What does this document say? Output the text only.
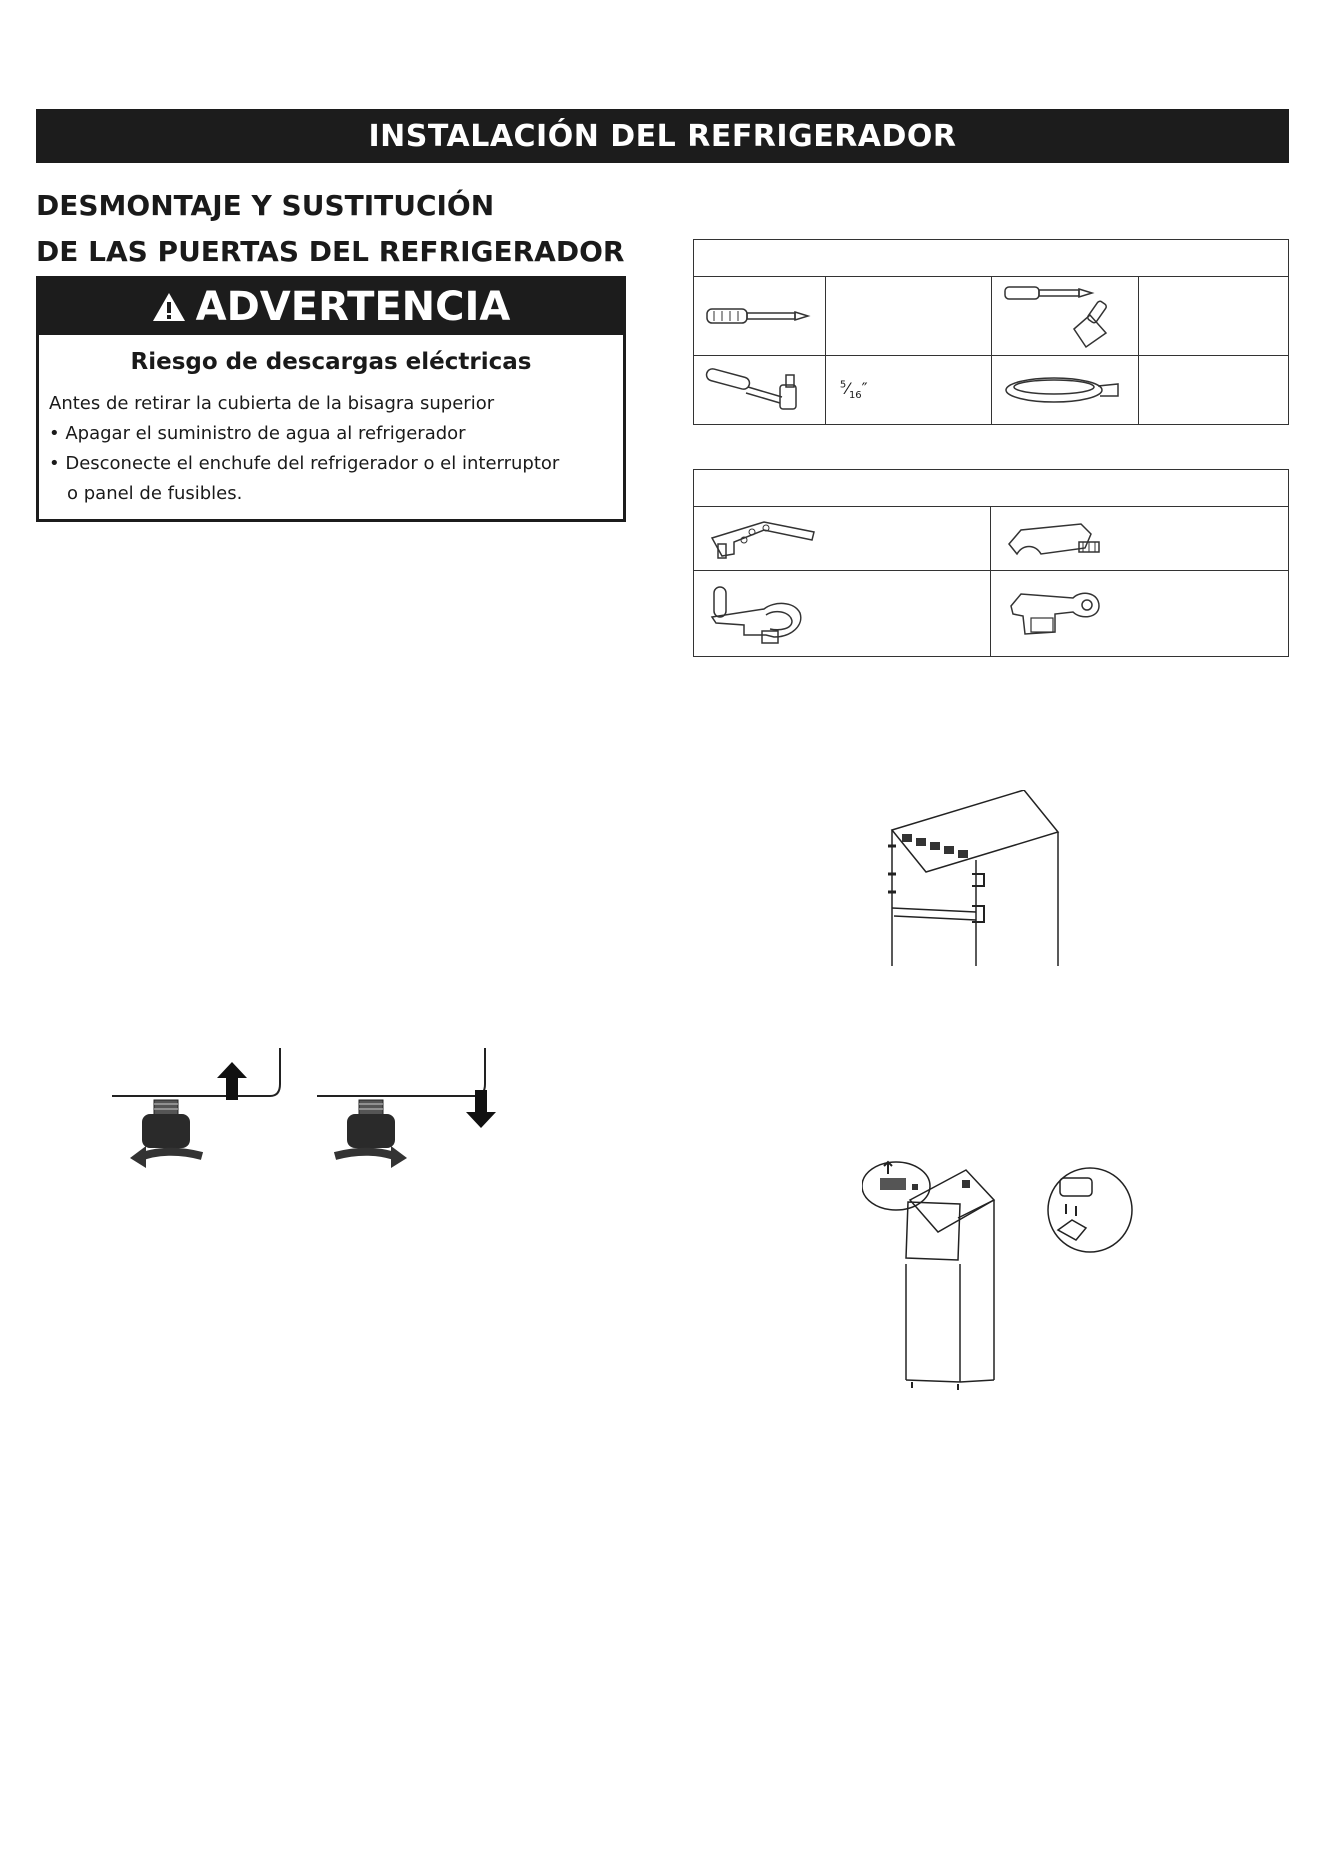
INSTALACIÓN DEL REFRIGERADOR
DESMONTAJE Y SUSTITUCIÓN
DE LAS PUERTAS DEL REFRIGERADOR
ADVERTENCIA
Riesgo de descargas eléctricas
Antes de retirar la cubierta de la bisagra superior
• Apagar el suministro de agua al refrigerador
• Desconecte el enchufe del refrigerador o el interruptor
o panel de fusibles.

	$^5⁄_{16}''$	
